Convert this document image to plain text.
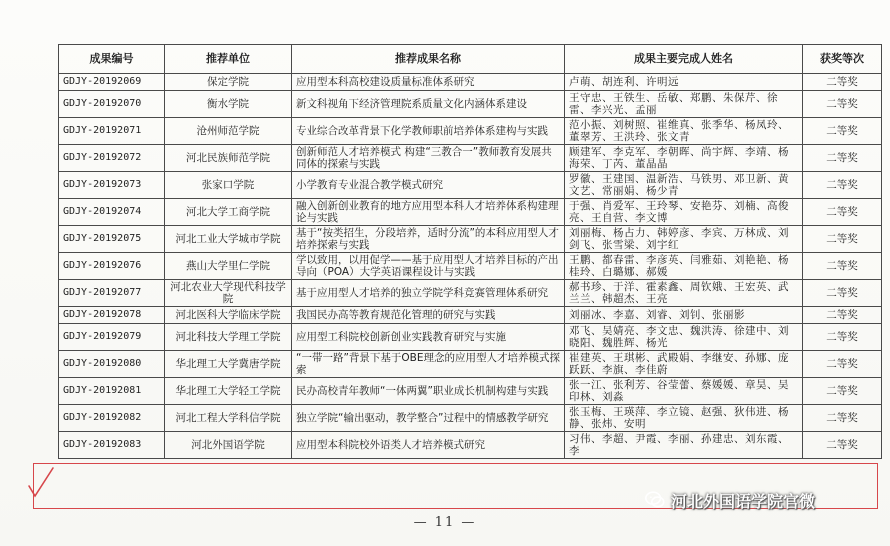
成果编号	推荐单位	推荐成果名称	成果主要完成人姓名	获奖等次
GDJY-20192069	保定学院	应用型本科高校建设质量标准体系研究	卢萌、胡连利、许明远	二等奖
GDJY-20192070	衡水学院	新文科视角下经济管理院系质量文化内涵体系建设	王守忠、王铁生、岳敏、郑鹏、朱保芹、徐雷、李兴光、孟丽	二等奖
GDJY-20192071	沧州师范学院	专业综合改革背景下化学教师职前培养体系建构与实践	范小振、刘树照、崔维真、张季华、杨凤玲、董翠芳、王洪玲、张文青	二等奖
GDJY-20192072	河北民族师范学院	创新师范人才培养模式 构建“三教合一”教师教育发展共同体的探索与实践	顾建军、李克军、李朝晖、尚宇辉、李靖、杨海荣、丁芮、董晶晶	二等奖
GDJY-20192073	张家口学院	小学教育专业混合教学模式研究	罗徽、王建国、温新浩、马铁男、邓卫新、黄文艺、常丽娟、杨少青	二等奖
GDJY-20192074	河北大学工商学院	融入创新创业教育的地方应用型本科人才培养体系构建理论与实践	于强、肖爱军、王玲琴、安艳芬、刘楠、高俊亮、王自营、李文博	二等奖
GDJY-20192075	河北工业大学城市学院	基于“按类招生，分段培养，适时分流”的本科应用型人才培养探索与实践	刘丽梅、杨占力、韩婷彦、李宾、万林成、刘剑飞、张雪梁、刘宇红	二等奖
GDJY-20192076	燕山大学里仁学院	学以致用，以用促学——基于应用型人才培养目标的产出导向（POA）大学英语课程设计与实践	王鹏、都春雷、李彦英、闫雅茹、刘艳艳、杨桂玲、白璐娜、郝媛	二等奖
GDJY-20192077	河北农业大学现代科技学院	基于应用型人才培养的独立学院学科竞赛管理体系研究	郝书珍、于洋、霍素鑫、周钦娥、王宏英、武兰兰、韩超杰、王亮	二等奖
GDJY-20192078	河北医科大学临床学院	我国民办高等教育规范化管理的研究与实践	刘丽冰、李嘉、刘睿、刘钊、张丽影	二等奖
GDJY-20192079	河北科技大学理工学院	应用型工科院校创新创业实践教育研究与实施	邓飞、吴婧亮、李文忠、魏洪涛、徐建中、刘晓阳、魏胜辉、杨光	二等奖
GDJY-20192080	华北理工大学冀唐学院	“一带一路”背景下基于OBE理念的应用型人才培养模式探索	崔建英、王琪彬、武殿娟、李继安、孙娜、庞跃跃、李旗、李佳蔚	二等奖
GDJY-20192081	华北理工大学轻工学院	民办高校青年教师“一体两翼”职业成长机制构建与实践	张一江、张利芳、谷莹蕾、蔡媛媛、章昊、吴印林、刘淼	二等奖
GDJY-20192082	河北工程大学科信学院	独立学院“输出驱动，教学整合”过程中的情感教学研究	张玉梅、王瑛萍、李立镜、赵强、狄伟进、杨静、张炜、安明	二等奖
GDJY-20192083	河北外国语学院	应用型本科院校外语类人才培养模式研究	习伟、李超、尹霞、李丽、孙建忠、刘东霞、李	二等奖
— 11 —
河北外国语学院官微
